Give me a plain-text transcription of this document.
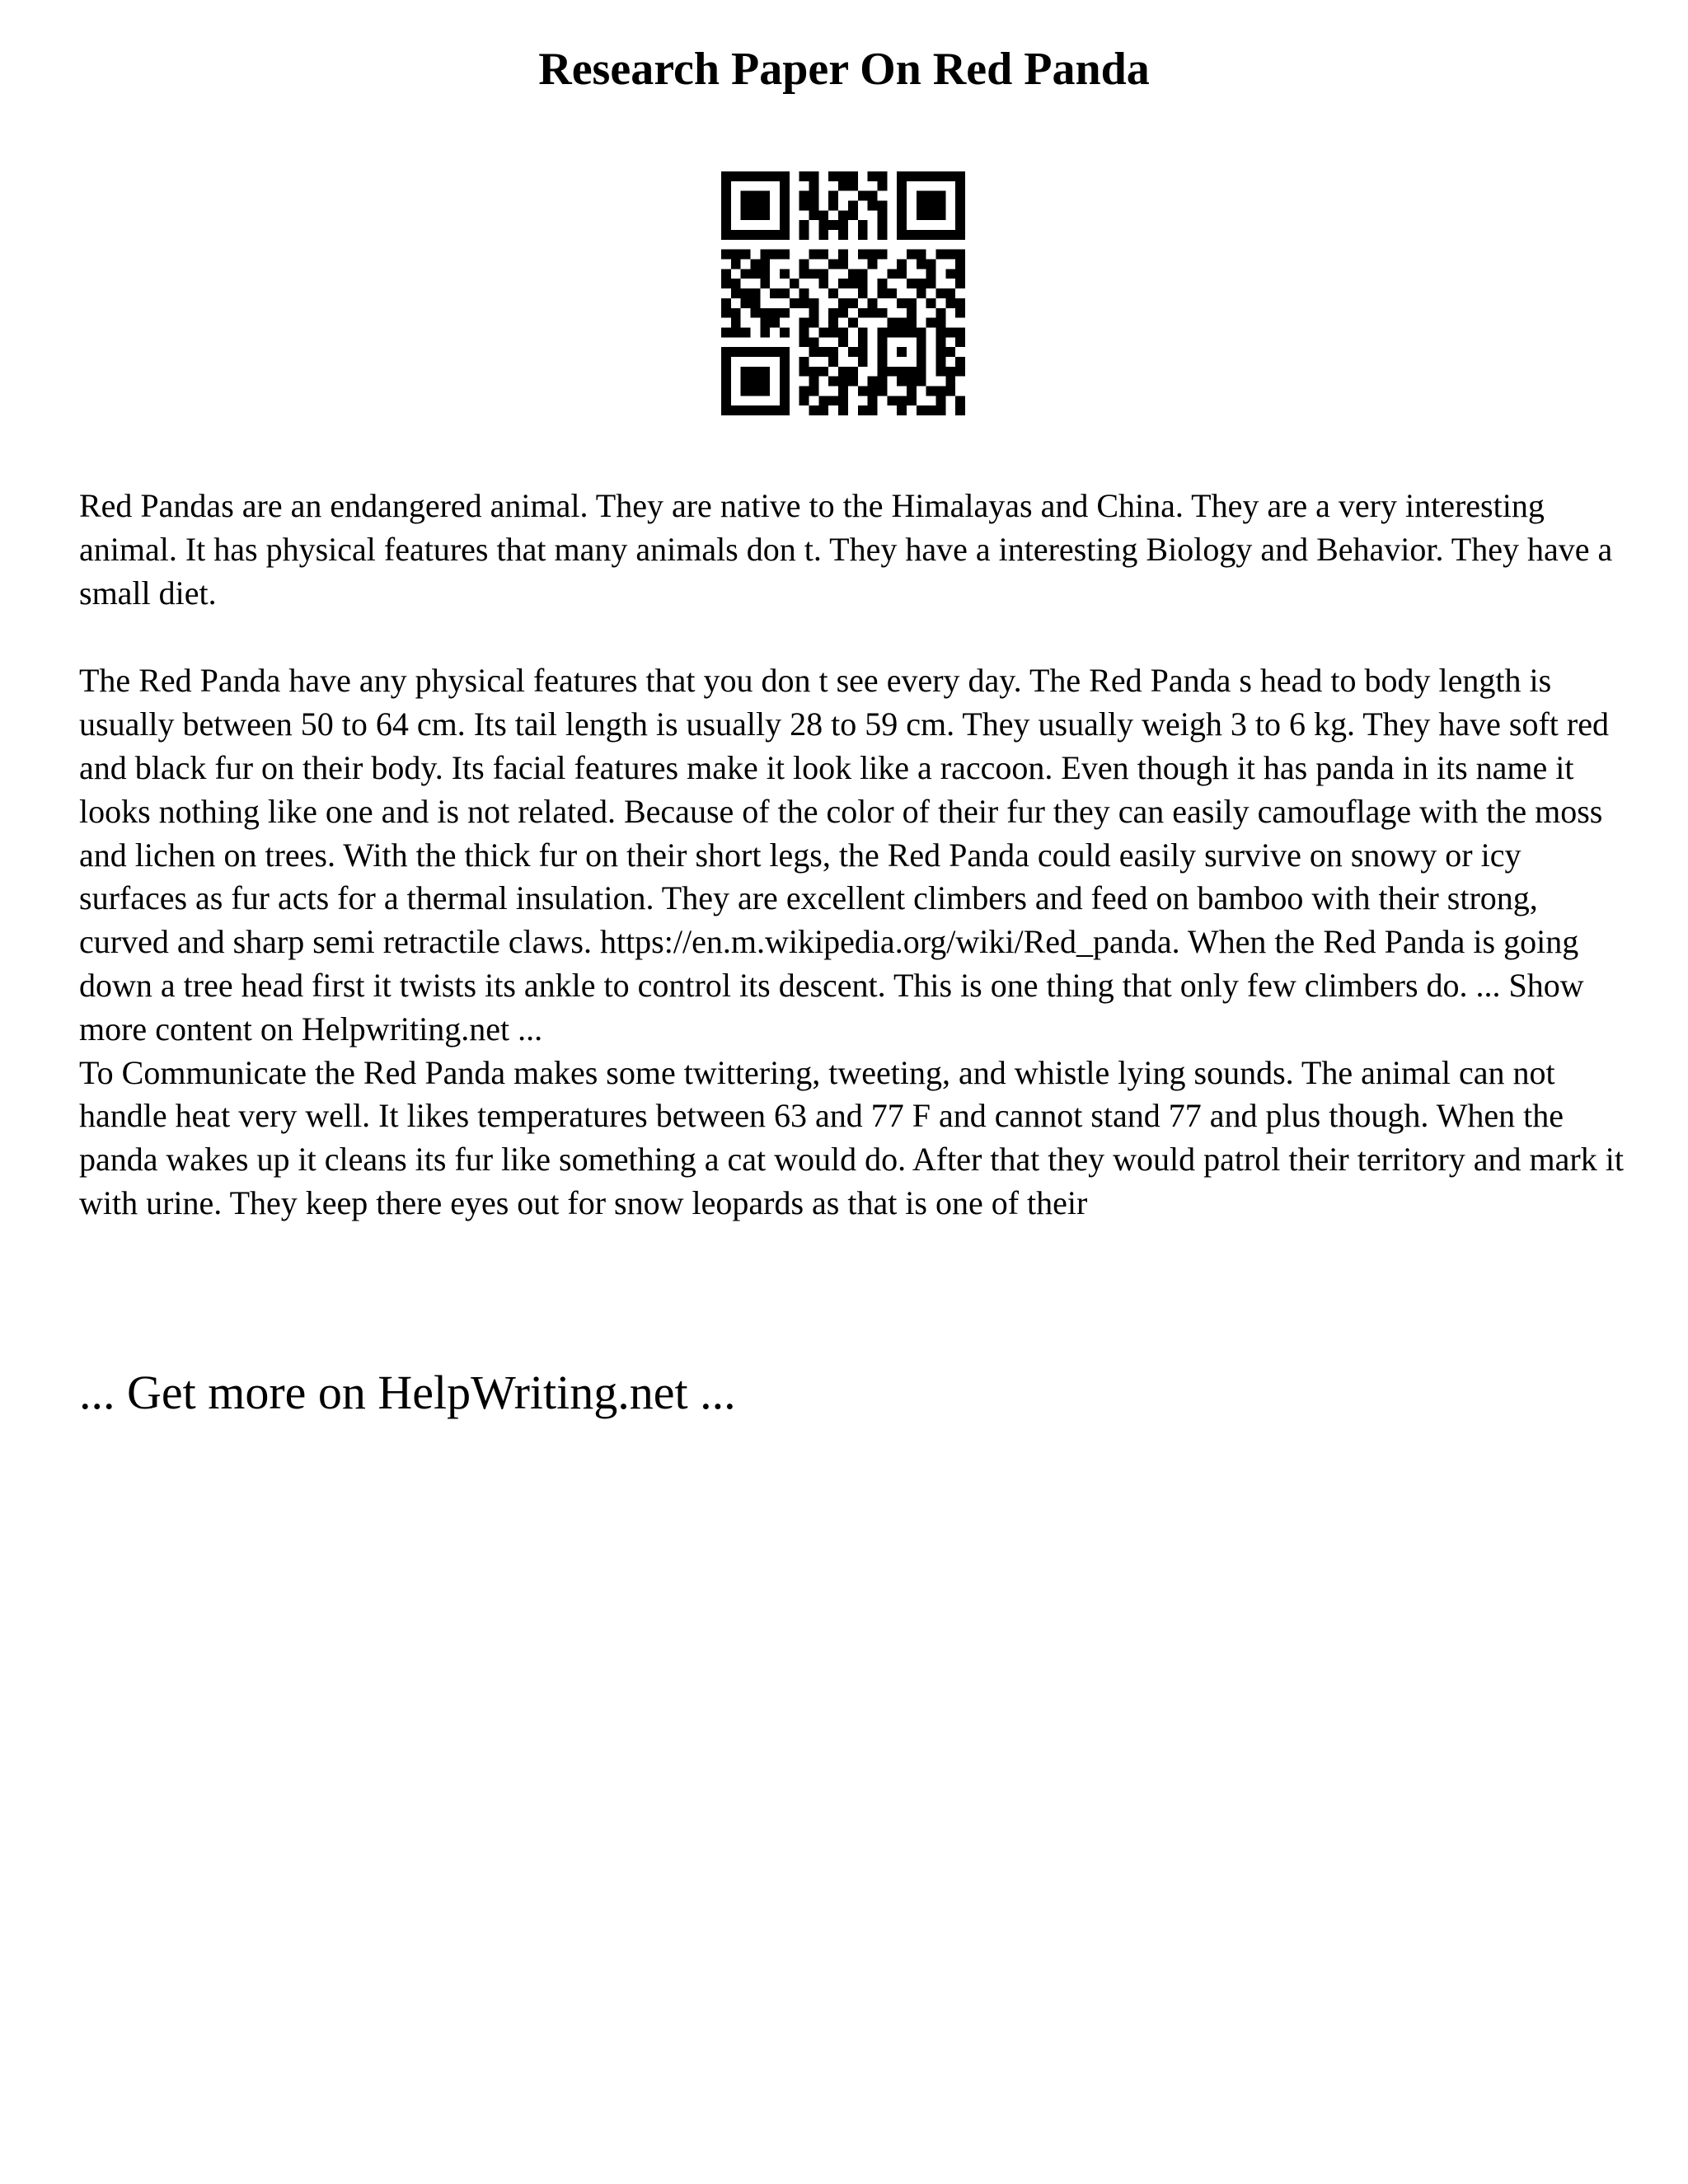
Research Paper On Red Panda

Red Pandas are an endangered animal. They are native to the Himalayas and China. They are a very interesting animal. It has physical features that many animals don t. They have a interesting Biology and Behavior. They have a small diet.

The Red Panda have any physical features that you don t see every day. The Red Panda s head to body length is usually between 50 to 64 cm. Its tail length is usually 28 to 59 cm. They usually weigh 3 to 6 kg. They have soft red and black fur on their body. Its facial features make it look like a raccoon. Even though it has panda in its name it looks nothing like one and is not related. Because of the color of their fur they can easily camouflage with the moss and lichen on trees. With the thick fur on their short legs, the Red Panda could easily survive on snowy or icy surfaces as fur acts for a thermal insulation. They are excellent climbers and feed on bamboo with their strong, curved and sharp semi retractile claws. https://en.m.wikipedia.org/wiki/Red_panda. When the Red Panda is going down a tree head first it twists its ankle to control its descent. This is one thing that only few climbers do. ... Show more content on Helpwriting.net ...

To Communicate the Red Panda makes some twittering, tweeting, and whistle lying sounds. The animal can not handle heat very well. It likes temperatures between 63 and 77 F and cannot stand 77 and plus though. When the panda wakes up it cleans its fur like something a cat would do. After that they would patrol their territory and mark it with urine. They keep there eyes out for snow leopards as that is one of their

... Get more on HelpWriting.net ...
